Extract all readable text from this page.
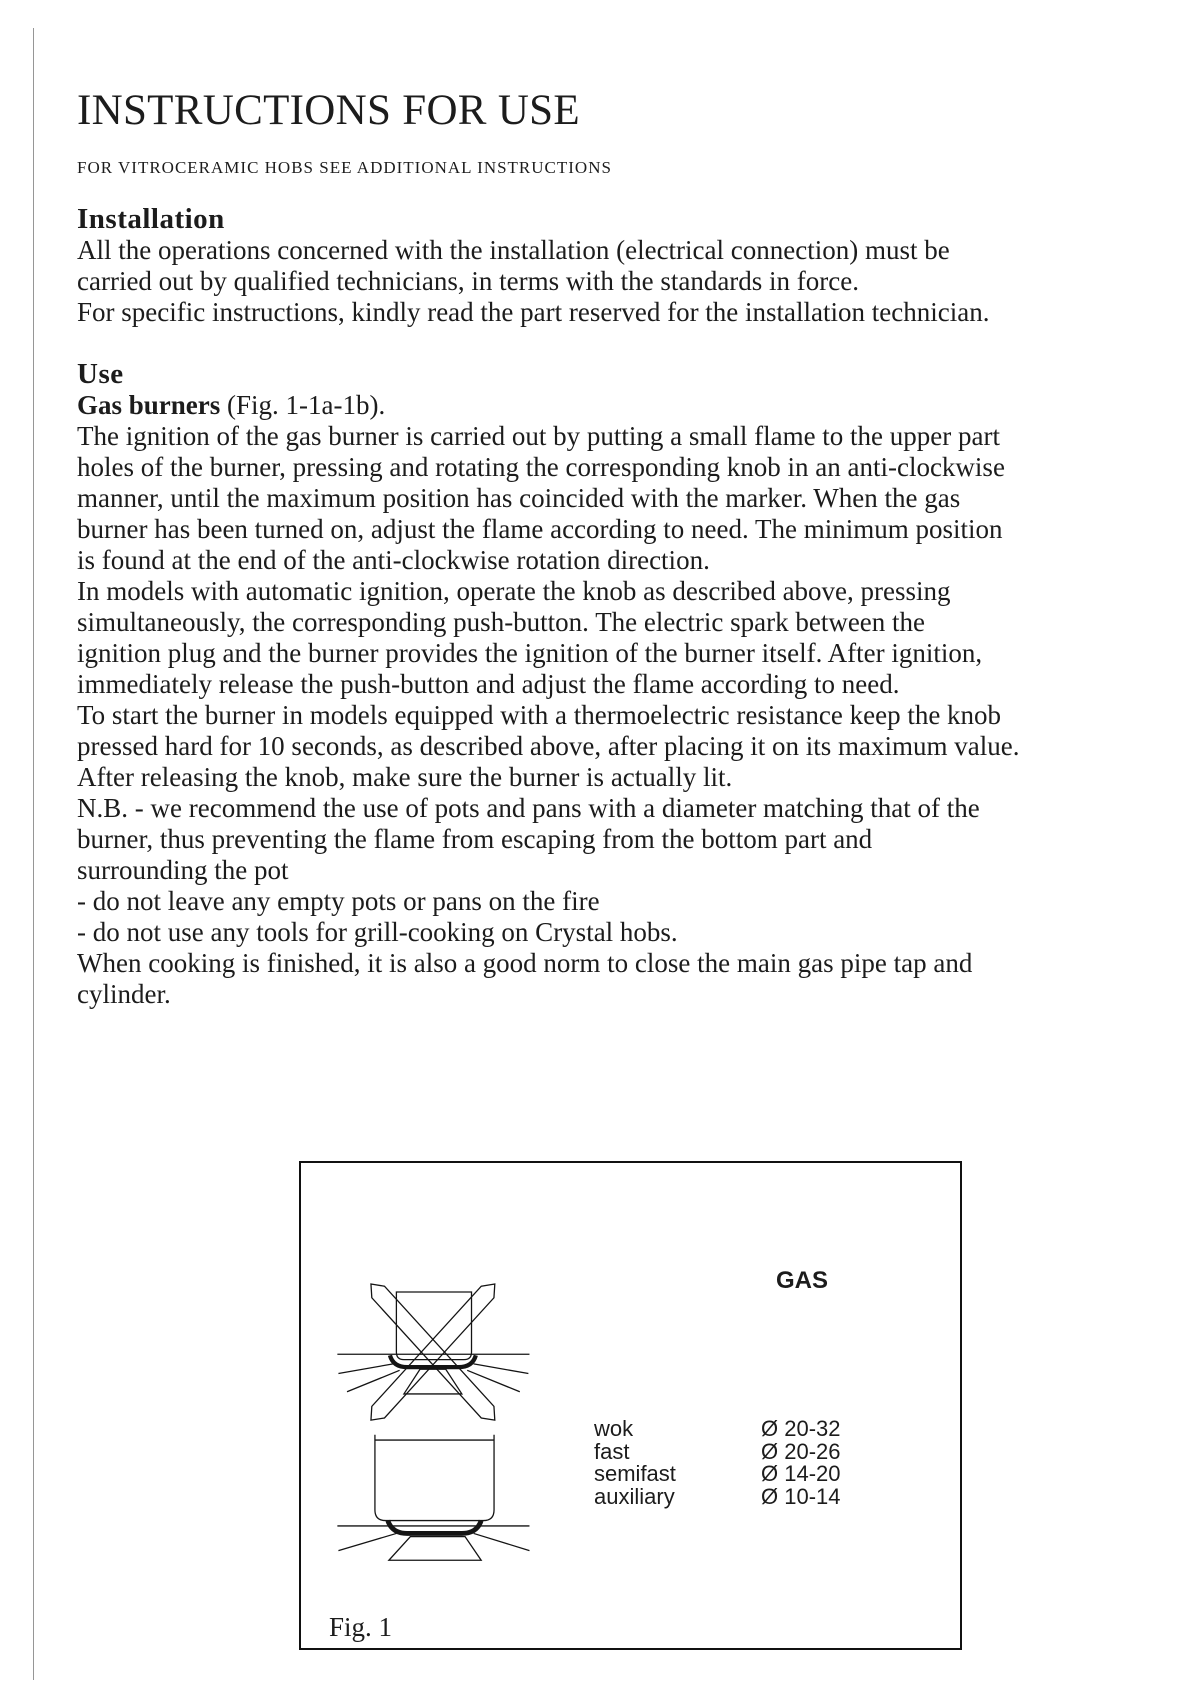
INSTRUCTIONS FOR USE
FOR VITROCERAMIC HOBS SEE ADDITIONAL INSTRUCTIONS
Installation
All the operations concerned with the installation (electrical connection) must be
carried out by qualified technicians, in terms with the standards in force.
For specific instructions, kindly read the part reserved for the installation technician.
Use
Gas burners (Fig. 1-1a-1b).
The ignition of the gas burner is carried out by putting a small flame to the upper part
holes of the burner, pressing and rotating the corresponding knob in an anti-clockwise
manner, until the maximum position has coincided with the marker. When the gas
burner has been turned on, adjust the flame according to need. The minimum position
is found at the end of the anti-clockwise rotation direction.
In models with automatic ignition, operate the knob as described above, pressing
simultaneously, the corresponding push-button. The electric spark between the
ignition plug and the burner provides the ignition of the burner itself. After ignition,
immediately release the push-button and adjust the flame according to need.
To start the burner in models equipped with a thermoelectric resistance keep the knob
pressed hard for 10 seconds, as described above, after placing it on its maximum value.
After releasing the knob, make sure the burner is actually lit.
N.B. - we recommend the use of pots and pans with a diameter matching that of the
burner, thus preventing the flame from escaping from the bottom part and
surrounding the pot
- do not leave any empty pots or pans on the fire
- do not use any tools for grill-cooking on Crystal hobs.
When cooking is finished, it is also a good norm to close the main gas pipe tap and
cylinder.
GAS
wok	Ø 20-32
fast	Ø 20-26
semifast	Ø 14-20
auxiliary	Ø 10-14
Fig. 1
